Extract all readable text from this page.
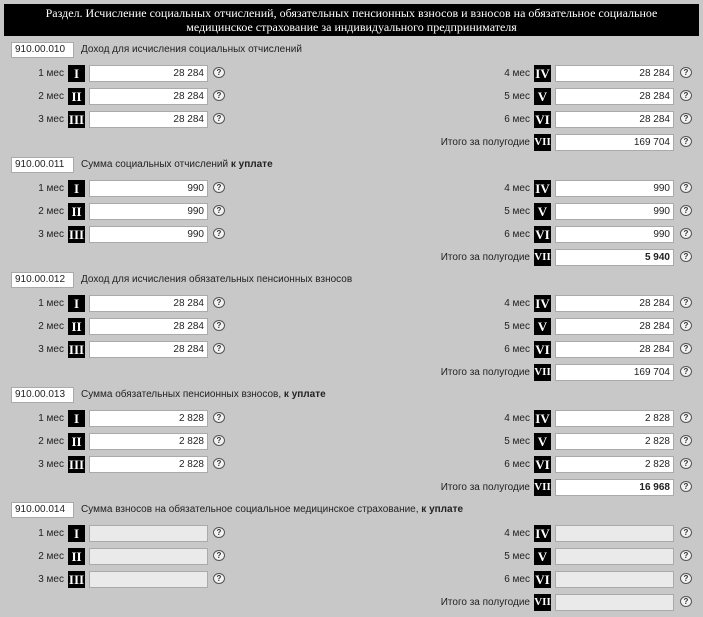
Раздел. Исчисление социальных отчислений, обязательных пенсионных взносов и взносов на обязательное социальное
медицинское страхование за индивидуального предпринимателя
910.00.010	Доход для исчисления социальных отчислений
1 мес I	28 284	?	4 мес IV	28 284	?
2 мес II	28 284	?	5 мес V	28 284	?
3 мес III	28 284	?	6 мес VI	28 284	?
Итого за полугодие VII	169 704	?
910.00.011	Сумма социальных отчислений к уплате
1 мес I	990	?	4 мес IV	990	?
2 мес II	990	?	5 мес V	990	?
3 мес III	990	?	6 мес VI	990	?
Итого за полугодие VII	5 940	?
910.00.012	Доход для исчисления обязательных пенсионных взносов
1 мес I	28 284	?	4 мес IV	28 284	?
2 мес II	28 284	?	5 мес V	28 284	?
3 мес III	28 284	?	6 мес VI	28 284	?
Итого за полугодие VII	169 704	?
910.00.013	Сумма обязательных пенсионных взносов, к уплате
1 мес I	2 828	?	4 мес IV	2 828	?
2 мес II	2 828	?	5 мес V	2 828	?
3 мес III	2 828	?	6 мес VI	2 828	?
Итого за полугодие VII	16 968	?
910.00.014	Сумма взносов на обязательное социальное медицинское страхование, к уплате
1 мес I	?	4 мес IV	?
2 мес II	?	5 мес V	?
3 мес III	?	6 мес VI	?
Итого за полугодие VII	?
